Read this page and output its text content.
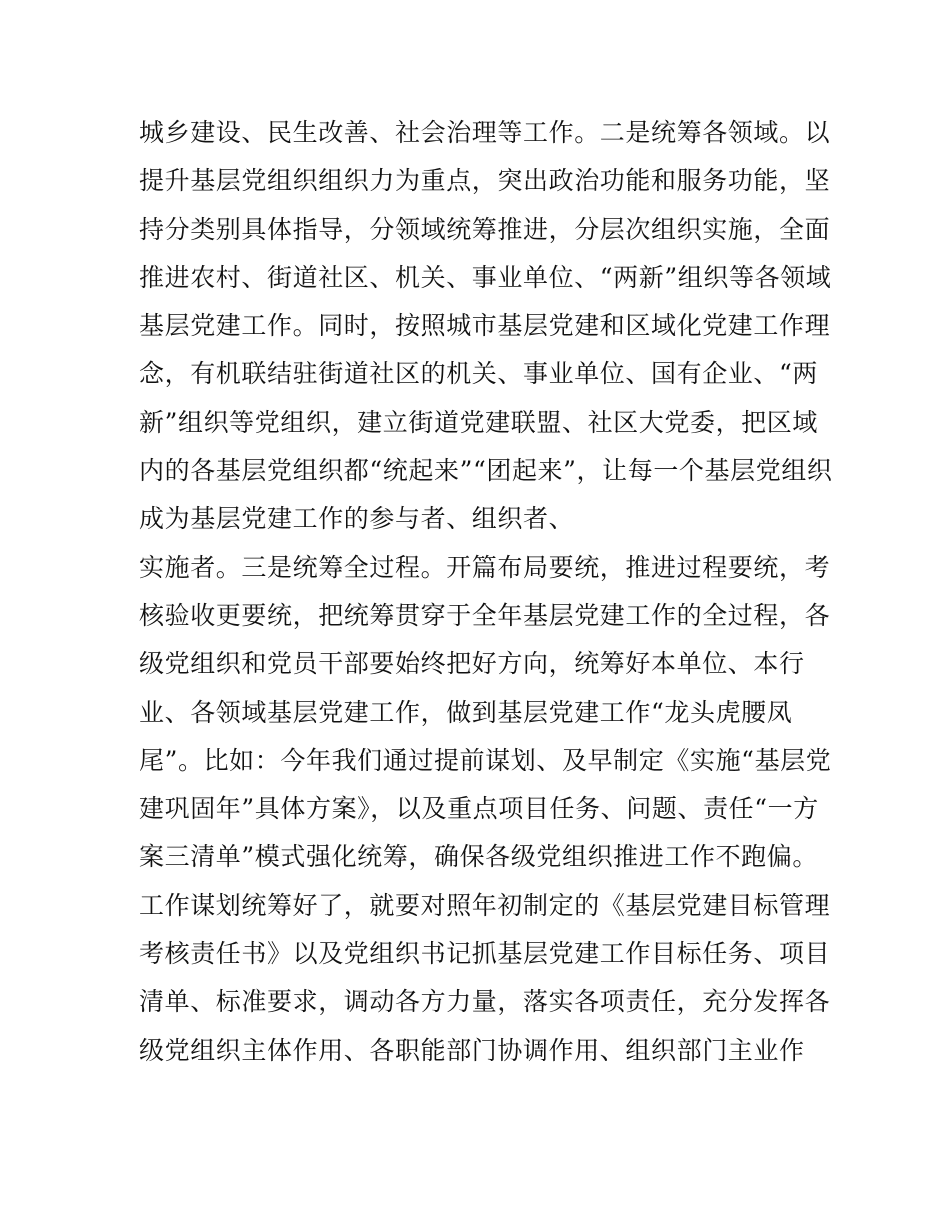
城乡建设、民生改善、社会治理等工作。二是统筹各领域。以
提升基层党组织组织力为重点，突出政治功能和服务功能，坚
持分类别具体指导，分领域统筹推进，分层次组织实施，全面
推进农村、街道社区、机关、事业单位、“两新”组织等各领域
基层党建工作。同时，按照城市基层党建和区域化党建工作理
念，有机联结驻街道社区的机关、事业单位、国有企业、“两
新”组织等党组织，建立街道党建联盟、社区大党委，把区域
内的各基层党组织都“统起来”“团起来”，让每一个基层党组织
成为基层党建工作的参与者、组织者、
实施者。三是统筹全过程。开篇布局要统，推进过程要统，考
核验收更要统，把统筹贯穿于全年基层党建工作的全过程，各
级党组织和党员干部要始终把好方向，统筹好本单位、本行
业、各领域基层党建工作，做到基层党建工作“龙头虎腰凤
尾”。比如：今年我们通过提前谋划、及早制定《实施“基层党
建巩固年”具体方案》，以及重点项目任务、问题、责任“一方
案三清单”模式强化统筹，确保各级党组织推进工作不跑偏。
工作谋划统筹好了，就要对照年初制定的《基层党建目标管理
考核责任书》以及党组织书记抓基层党建工作目标任务、项目
清单、标准要求，调动各方力量，落实各项责任，充分发挥各
级党组织主体作用、各职能部门协调作用、组织部门主业作
